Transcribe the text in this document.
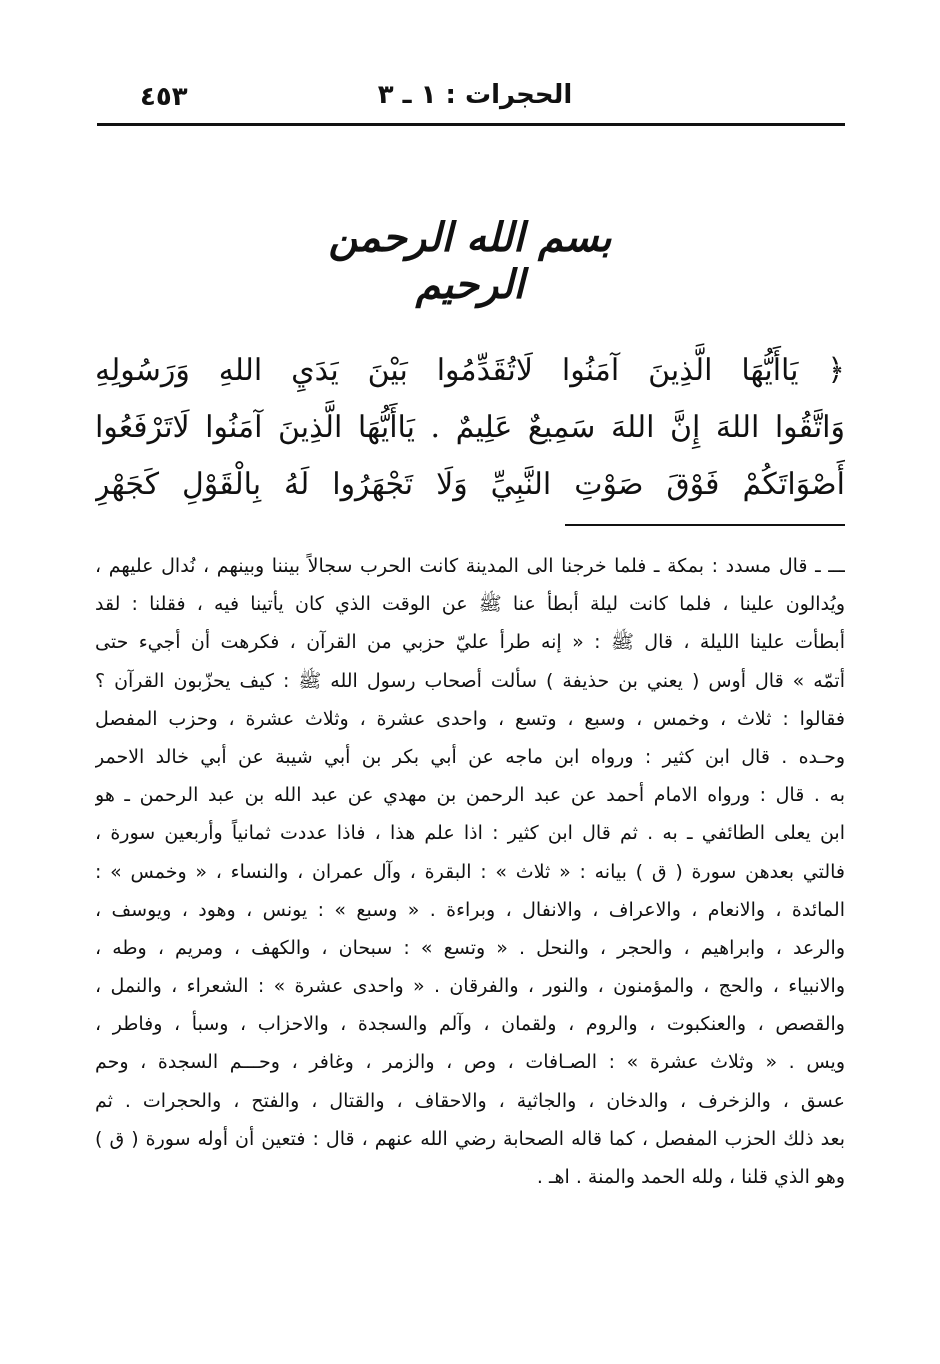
٤٥٣	الحجرات : ١ ـ ٣
بسم الله الرحمن الرحيم
﴿ يَاأَيُّهَا الَّذِينَ آمَنُوا لَاتُقَدِّمُوا بَيْنَ يَدَيِ اللهِ وَرَسُولِهِ
وَاتَّقُوا اللهَ إِنَّ اللهَ سَمِيعٌ عَلِيمٌ . يَاأَيُّهَا الَّذِينَ آمَنُوا لَاتَرْفَعُوا
أَصْوَاتَكُمْ فَوْقَ صَوْتِ النَّبِيِّ وَلَا تَجْهَرُوا لَهُ بِالْقَوْلِ كَجَهْرِ
ـــ ـ قال مسدد : بمكة ـ فلما خرجنا الى المدينة كانت الحرب سجالاً بيننا وبينهم ، نُدال عليهم ،
ويُدالون علينا ، فلما كانت ليلة أبطأ عنا ﷺ عن الوقت الذي كان يأتينا فيه ، فقلنا : لقد
أبطأت علينا الليلة ، قال ﷺ : « إنه طرأ عليّ حزبي من القرآن ، فكرهت أن أجيء حتى
أتمّه » قال أوس ( يعني بن حذيفة ) سألت أصحاب رسول الله ﷺ : كيف يحزّبون القرآن ؟
فقالوا : ثلاث ، وخمس ، وسبع ، وتسع ، واحدى عشرة ، وثلاث عشرة ، وحزب المفصل
وحـده . قال ابن كثير : ورواه ابن ماجه عن أبي بكر بن أبي شيبة عن أبي خالد الاحمر
به . قال : ورواه الامام أحمد عن عبد الرحمن بن مهدي عن عبد الله بن عبد الرحمن ـ هو
ابن يعلى الطائفي ـ به . ثم قال ابن كثير : اذا علم هذا ، فاذا عددت ثمانياً وأربعين سورة ،
فالتي بعدهن سورة ( ق ) بيانه : « ثلاث » : البقرة ، وآل عمران ، والنساء ، « وخمس » :
المائدة ، والانعام ، والاعراف ، والانفال ، وبراءة . « وسبع » : يونس ، وهود ، ويوسف ،
والرعد ، وابراهيم ، والحجر ، والنحل . « وتسع » : سبحان ، والكهف ، ومريم ، وطه ،
والانبياء ، والحج ، والمؤمنون ، والنور ، والفرقان . « واحدى عشرة » : الشعراء ، والنمل ،
والقصص ، والعنكبوت ، والروم ، ولقمان ، وآلم والسجدة ، والاحزاب ، وسبأ ، وفاطر ،
ويس . « وثلاث عشرة » : الصـافات ، وص ، والزمر ، وغافر ، وحـــم السجدة ، وحم
عسق ، والزخرف ، والدخان ، والجاثية ، والاحقاف ، والقتال ، والفتح ، والحجرات . ثم
بعد ذلك الحزب المفصل ، كما قاله الصحابة رضي الله عنهم ، قال : فتعين أن أوله سورة ( ق )
وهو الذي قلنا ، ولله الحمد والمنة . اهـ .
